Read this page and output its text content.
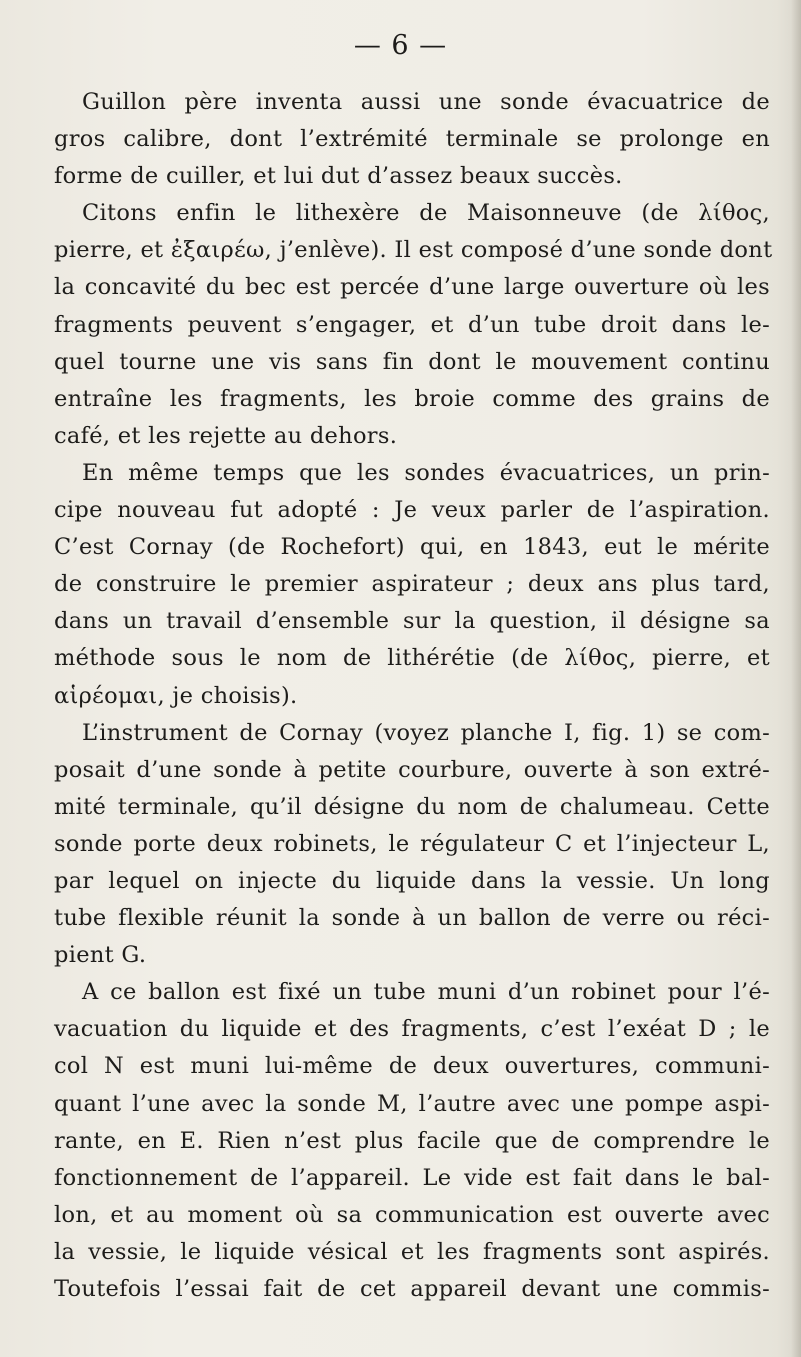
— 6 —
Guillon père inventa aussi une sonde évacuatrice de
gros calibre, dont l’extrémité terminale se prolonge en
forme de cuiller, et lui dut d’assez beaux succès.
Citons enfin le lithexère de Maisonneuve (de λίθος,
pierre, et ἐξαιρέω, j’enlève). Il est composé d’une sonde dont
la concavité du bec est percée d’une large ouverture où les
fragments peuvent s’engager, et d’un tube droit dans le-
quel tourne une vis sans fin dont le mouvement continu
entraîne les fragments, les broie comme des grains de
café, et les rejette au dehors.
En même temps que les sondes évacuatrices, un prin-
cipe nouveau fut adopté : Je veux parler de l’aspiration.
C’est Cornay (de Rochefort) qui, en 1843, eut le mérite
de construire le premier aspirateur ; deux ans plus tard,
dans un travail d’ensemble sur la question, il désigne sa
méthode sous le nom de lithérétie (de λίθος, pierre, et
αἱρέομαι, je choisis).
L’instrument de Cornay (voyez planche I, fig. 1) se com-
posait d’une sonde à petite courbure, ouverte à son extré-
mité terminale, qu’il désigne du nom de chalumeau. Cette
sonde porte deux robinets, le régulateur C et l’injecteur L,
par lequel on injecte du liquide dans la vessie. Un long
tube flexible réunit la sonde à un ballon de verre ou réci-
pient G.
A ce ballon est fixé un tube muni d’un robinet pour l’é-
vacuation du liquide et des fragments, c’est l’exéat D ; le
col N est muni lui-même de deux ouvertures, communi-
quant l’une avec la sonde M, l’autre avec une pompe aspi-
rante, en E. Rien n’est plus facile que de comprendre le
fonctionnement de l’appareil. Le vide est fait dans le bal-
lon, et au moment où sa communication est ouverte avec
la vessie, le liquide vésical et les fragments sont aspirés.
Toutefois l’essai fait de cet appareil devant une commis-
